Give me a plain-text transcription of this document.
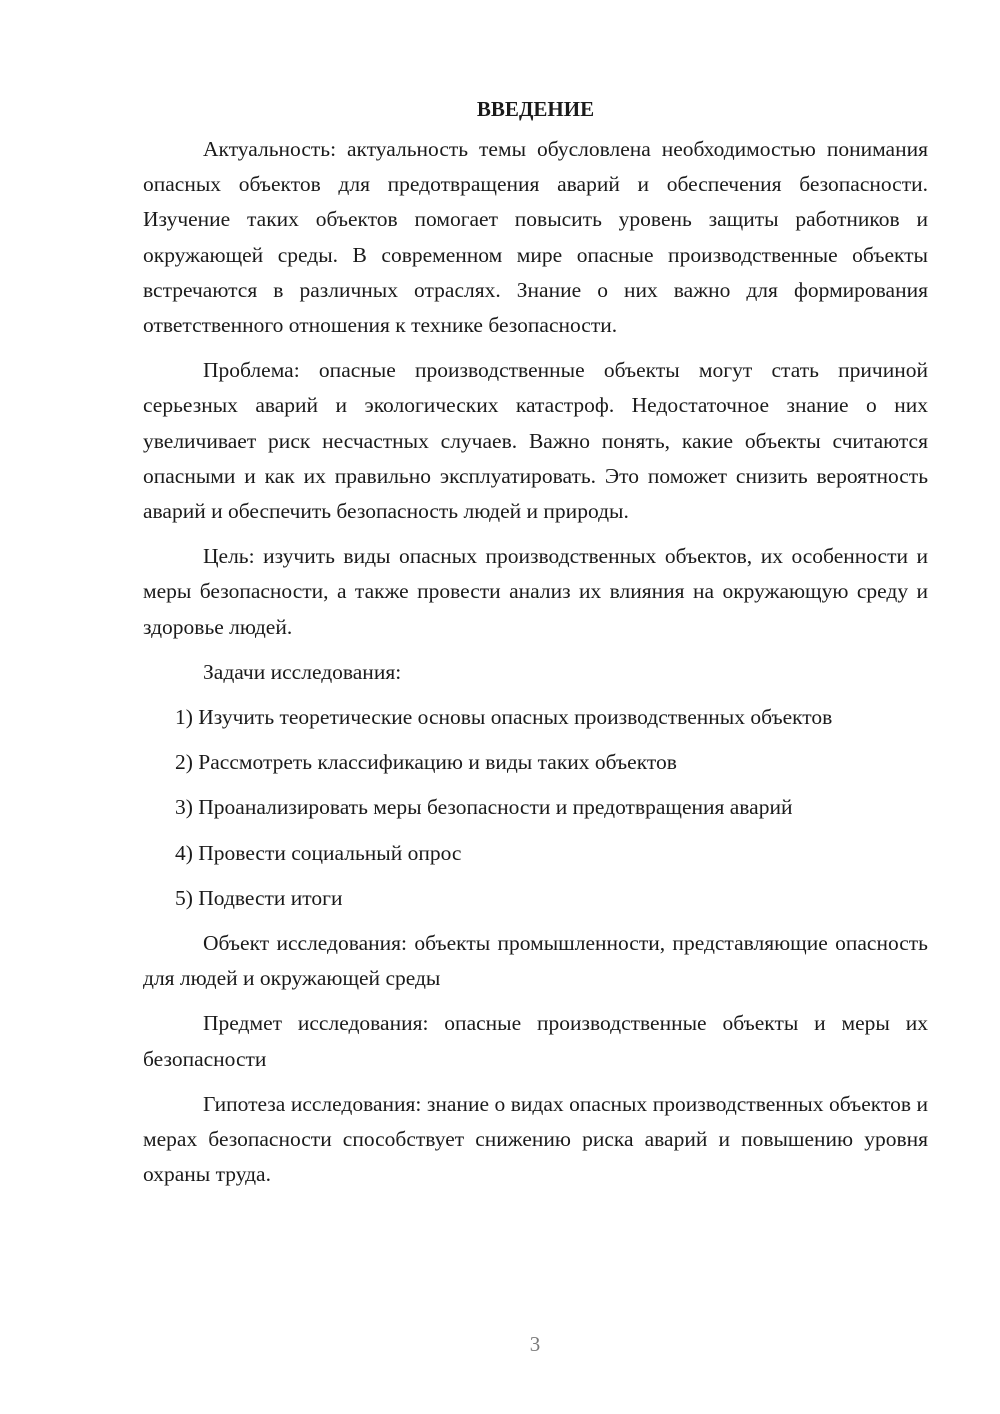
ВВЕДЕНИЕ

Актуальность: актуальность темы обусловлена необходимостью понимания опасных объектов для предотвращения аварий и обеспечения безопасности. Изучение таких объектов помогает повысить уровень защиты работников и окружающей среды. В современном мире опасные производственные объекты встречаются в различных отраслях. Знание о них важно для формирования ответственного отношения к технике безопасности.

Проблема: опасные производственные объекты могут стать причиной серьезных аварий и экологических катастроф. Недостаточное знание о них увеличивает риск несчастных случаев. Важно понять, какие объекты считаются опасными и как их правильно эксплуатировать. Это поможет снизить вероятность аварий и обеспечить безопасность людей и природы.

Цель: изучить виды опасных производственных объектов, их особенности и меры безопасности, а также провести анализ их влияния на окружающую среду и здоровье людей.

Задачи исследования:

1) Изучить теоретические основы опасных производственных объектов

2) Рассмотреть классификацию и виды таких объектов

3) Проанализировать меры безопасности и предотвращения аварий

4) Провести социальный опрос

5) Подвести итоги

Объект исследования: объекты промышленности, представляющие опасность для людей и окружающей среды

Предмет исследования: опасные производственные объекты и меры их безопасности

Гипотеза исследования: знание о видах опасных производственных объектов и мерах безопасности способствует снижению риска аварий и повышению уровня охраны труда.

3
